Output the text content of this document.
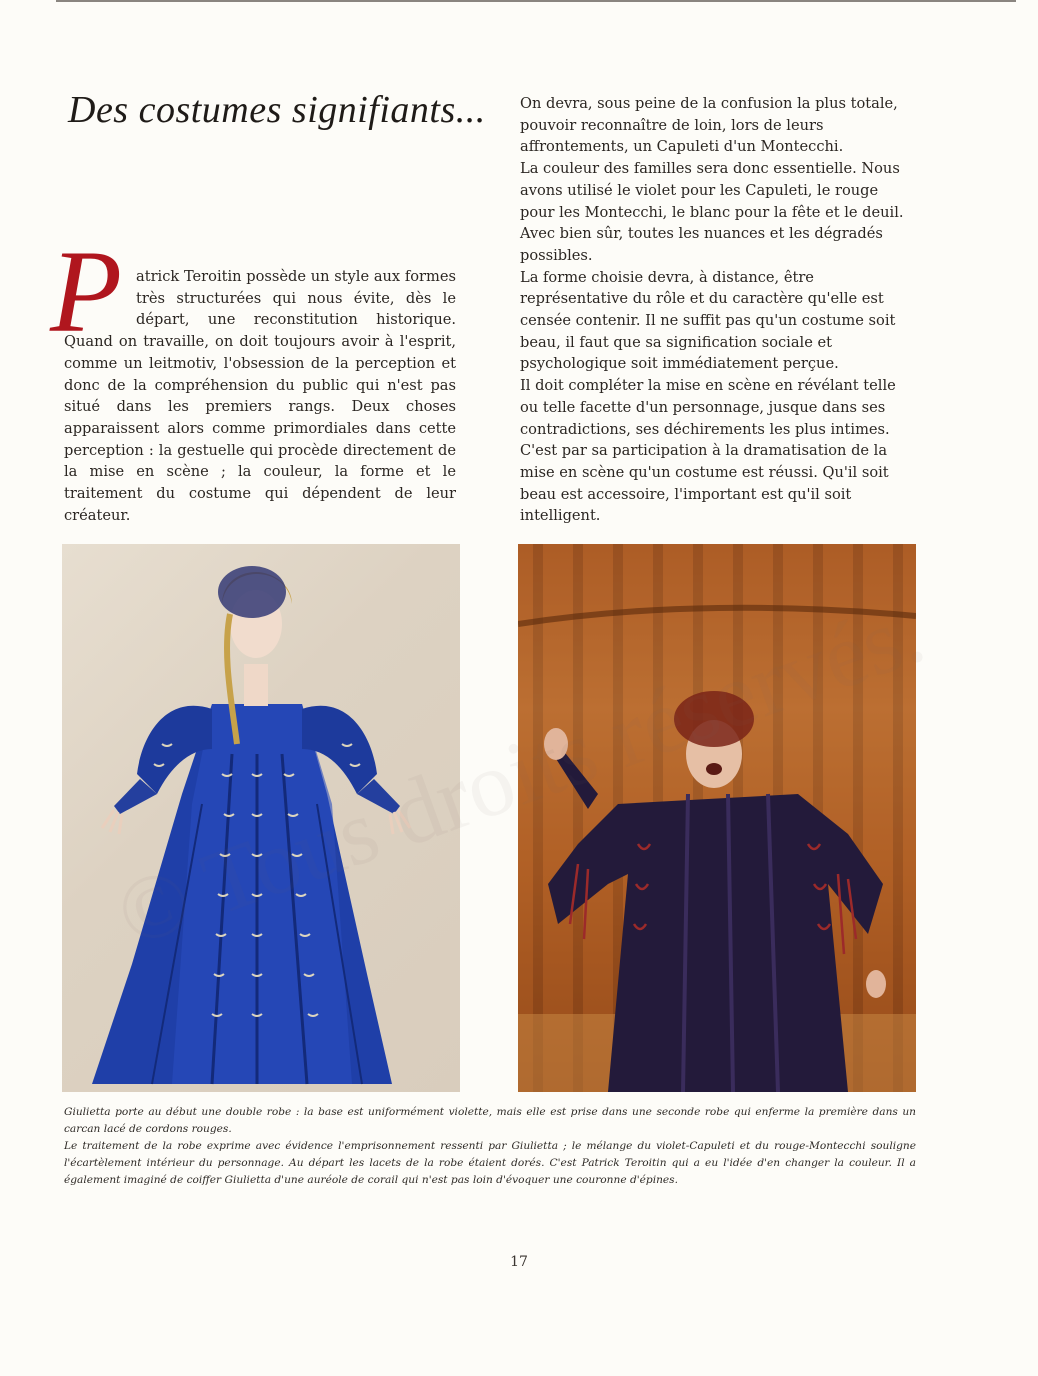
Des costumes signifiants...
P atrick Teroitin possède un style aux formes très structurées qui nous évite, dès le départ, une reconstitution historique. Quand on travaille, on doit toujours avoir à l'esprit, comme un leitmotiv, l'obsession de la perception et donc de la compréhension du public qui n'est pas situé dans les premiers rangs. Deux choses apparaissent alors comme primordiales dans cette perception : la gestuelle qui procède directement de la mise en scène ; la couleur, la forme et le traitement du costume qui dépendent de leur créateur.

On devra, sous peine de la confusion la plus totale, pouvoir reconnaître de loin, lors de leurs affrontements, un Capuleti d'un Montecchi.

La couleur des familles sera donc essentielle. Nous avons utilisé le violet pour les Capuleti, le rouge pour les Montecchi, le blanc pour la fête et le deuil. Avec bien sûr, toutes les nuances et les dégradés possibles.

La forme choisie devra, à distance, être représentative du rôle et du caractère qu'elle est censée contenir. Il ne suffit pas qu'un costume soit beau, il faut que sa signification sociale et psychologique soit immédiatement perçue.

Il doit compléter la mise en scène en révélant telle ou telle facette d'un personnage, jusque dans ses contradictions, ses déchirements les plus intimes.

C'est par sa participation à la dramatisation de la mise en scène qu'un costume est réussi. Qu'il soit beau est accessoire, l'important est qu'il soit intelligent.

Giulietta porte au début une double robe : la base est uniformément violette, mais elle est prise dans une seconde robe qui enferme la première dans un carcan lacé de cordons rouges.

Le traitement de la robe exprime avec évidence l'emprisonnement ressenti par Giulietta ; le mélange du violet-Capuleti et du rouge-Montecchi souligne l'écartèlement intérieur du personnage. Au départ les lacets de la robe étaient dorés. C'est Patrick Teroitin qui a eu l'idée d'en changer la couleur. Il a également imaginé de coiffer Giulietta d'une auréole de corail qui n'est pas loin d'évoquer une couronne d'épines.

17
droits
